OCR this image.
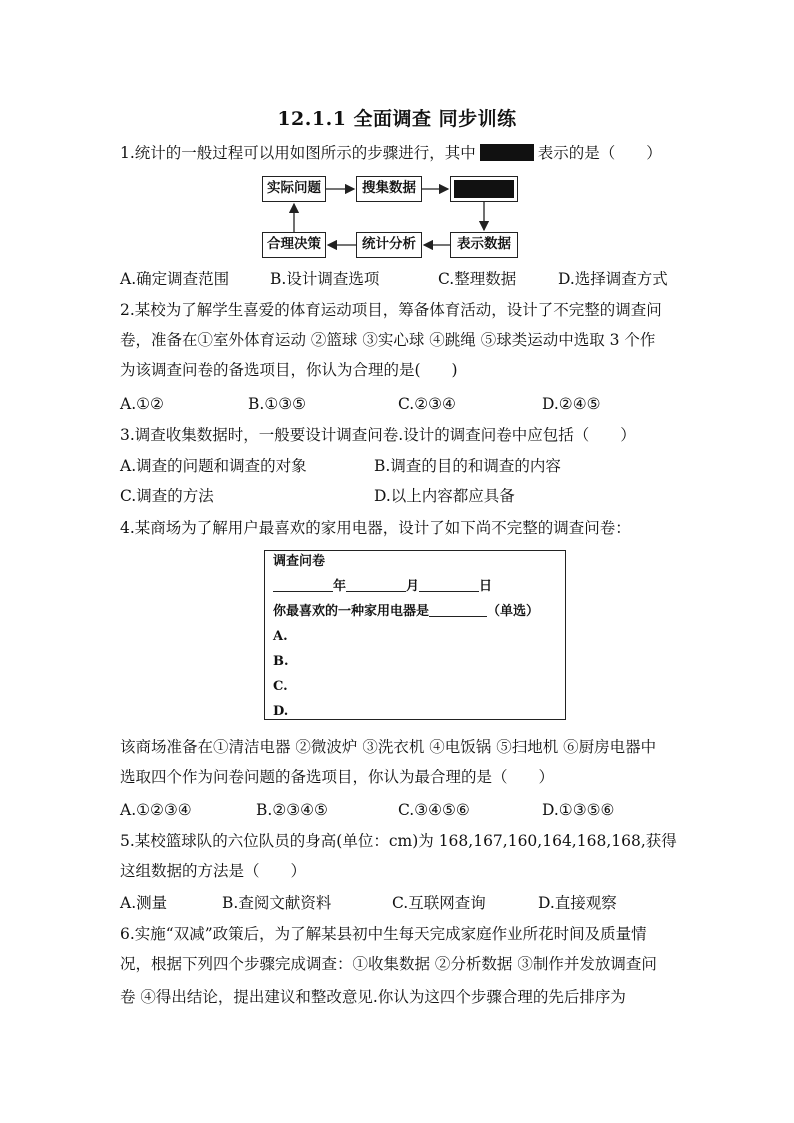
12.1.1 全面调查 同步训练
1.统计的一般过程可以用如图所示的步骤进行，其中	表示的是（　　）
实际问题	搜集数据
表示数据
统计分析
合理决策
A.确定调查范围	B.设计调查选项	C.整理数据	D.选择调查方式
2.某校为了解学生喜爱的体育运动项目，筹备体育活动，设计了不完整的调查问
卷，准备在①室外体育运动 ②篮球 ③实心球 ④跳绳 ⑤球类运动中选取 3 个作
为该调查问卷的备选项目，你认为合理的是(　　)
A.①②	B.①③⑤	C.②③④	D.②④⑤
3.调查收集数据时，一般要设计调查问卷.设计的调查问卷中应包括（　　）
A.调查的问题和调查的对象	B.调查的目的和调查的内容
C.调查的方法	D.以上内容都应具备
4.某商场为了解用户最喜欢的家用电器，设计了如下尚不完整的调查问卷：
调查问卷
年	月	日
你最喜欢的一种家用电器是	（单选）
A.
B.
C.
D.
该商场准备在①清洁电器 ②微波炉 ③洗衣机 ④电饭锅 ⑤扫地机 ⑥厨房电器中
选取四个作为问卷问题的备选项目，你认为最合理的是（　　）
A.①②③④	B.②③④⑤	C.③④⑤⑥	D.①③⑤⑥
5.某校篮球队的六位队员的身高(单位：cm)为 168,167,160,164,168,168,获得
这组数据的方法是（　　）
A.测量	B.查阅文献资料	C.互联网查询	D.直接观察
6.实施“双减”政策后，为了解某县初中生每天完成家庭作业所花时间及质量情
况，根据下列四个步骤完成调查：①收集数据 ②分析数据 ③制作并发放调查问
卷 ④得出结论，提出建议和整改意见.你认为这四个步骤合理的先后排序为
